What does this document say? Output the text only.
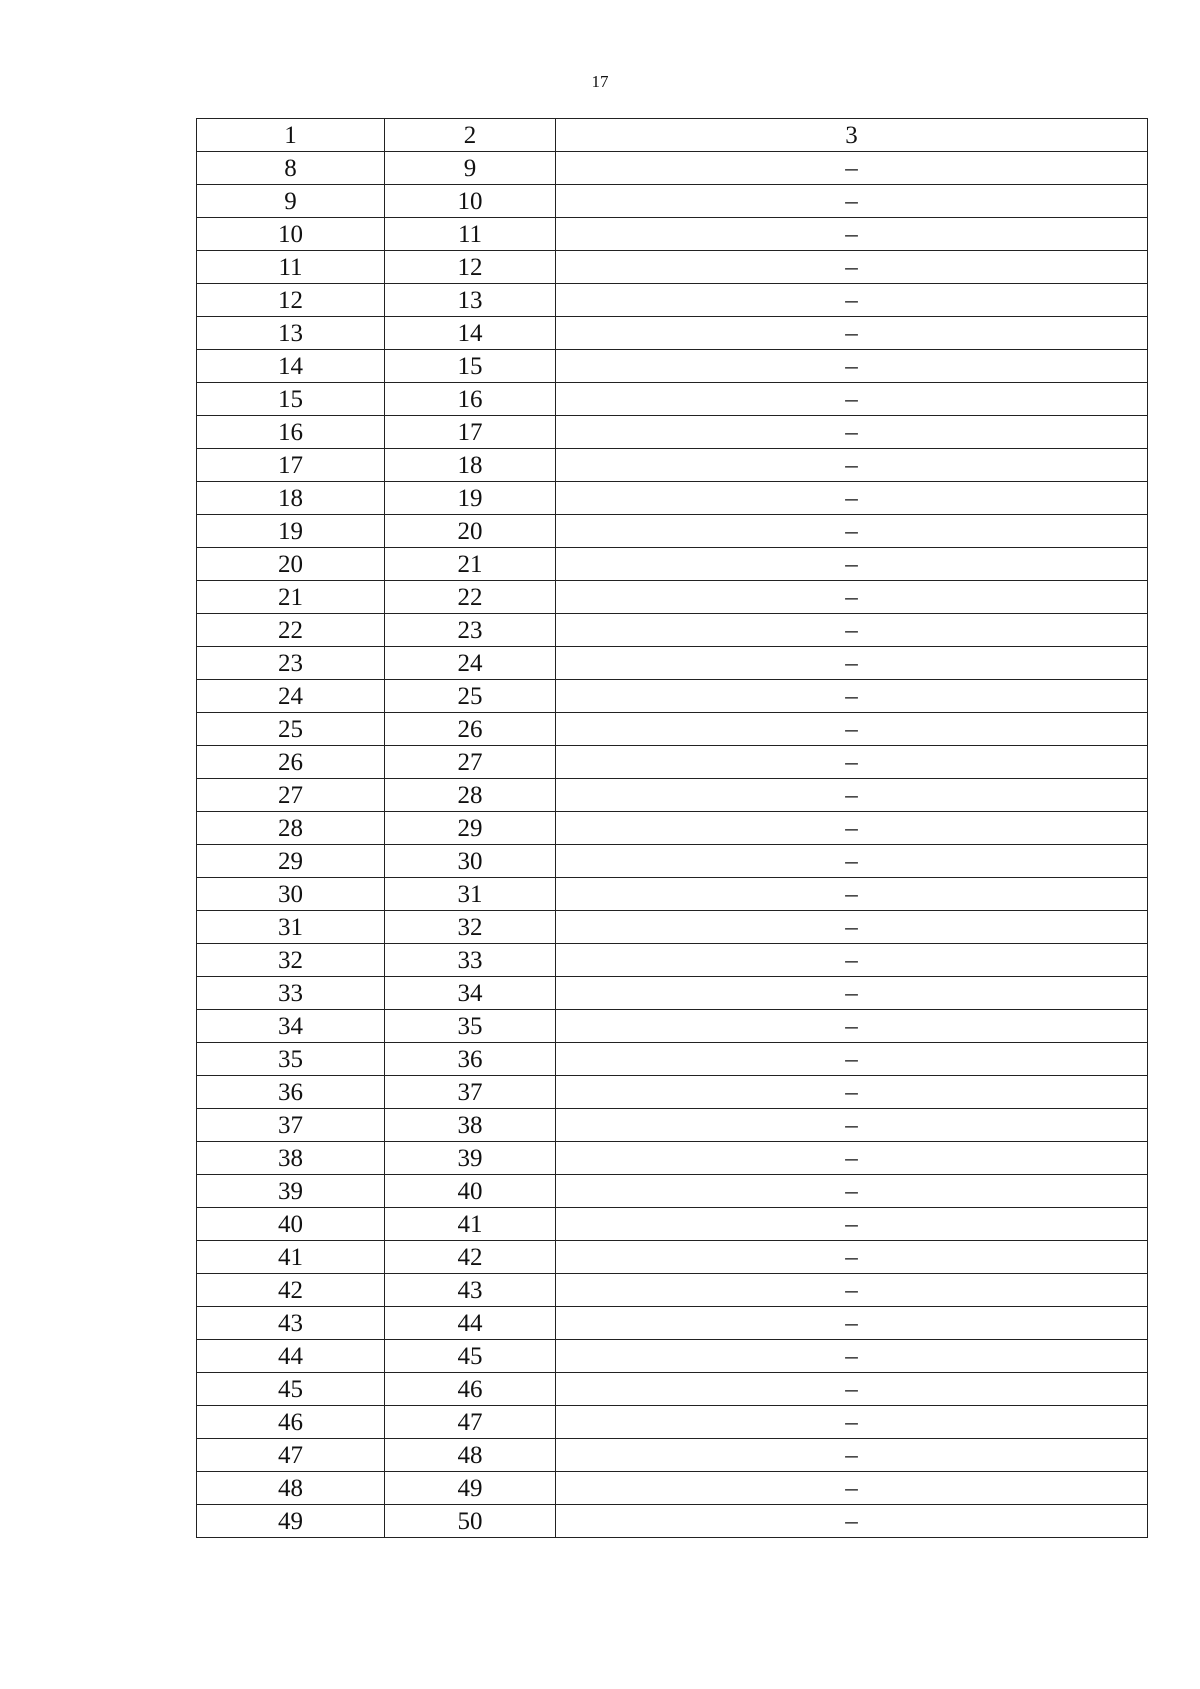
17
1	2	3
8	9	–
9	10	–
10	11	–
11	12	–
12	13	–
13	14	–
14	15	–
15	16	–
16	17	–
17	18	–
18	19	–
19	20	–
20	21	–
21	22	–
22	23	–
23	24	–
24	25	–
25	26	–
26	27	–
27	28	–
28	29	–
29	30	–
30	31	–
31	32	–
32	33	–
33	34	–
34	35	–
35	36	–
36	37	–
37	38	–
38	39	–
39	40	–
40	41	–
41	42	–
42	43	–
43	44	–
44	45	–
45	46	–
46	47	–
47	48	–
48	49	–
49	50	–
